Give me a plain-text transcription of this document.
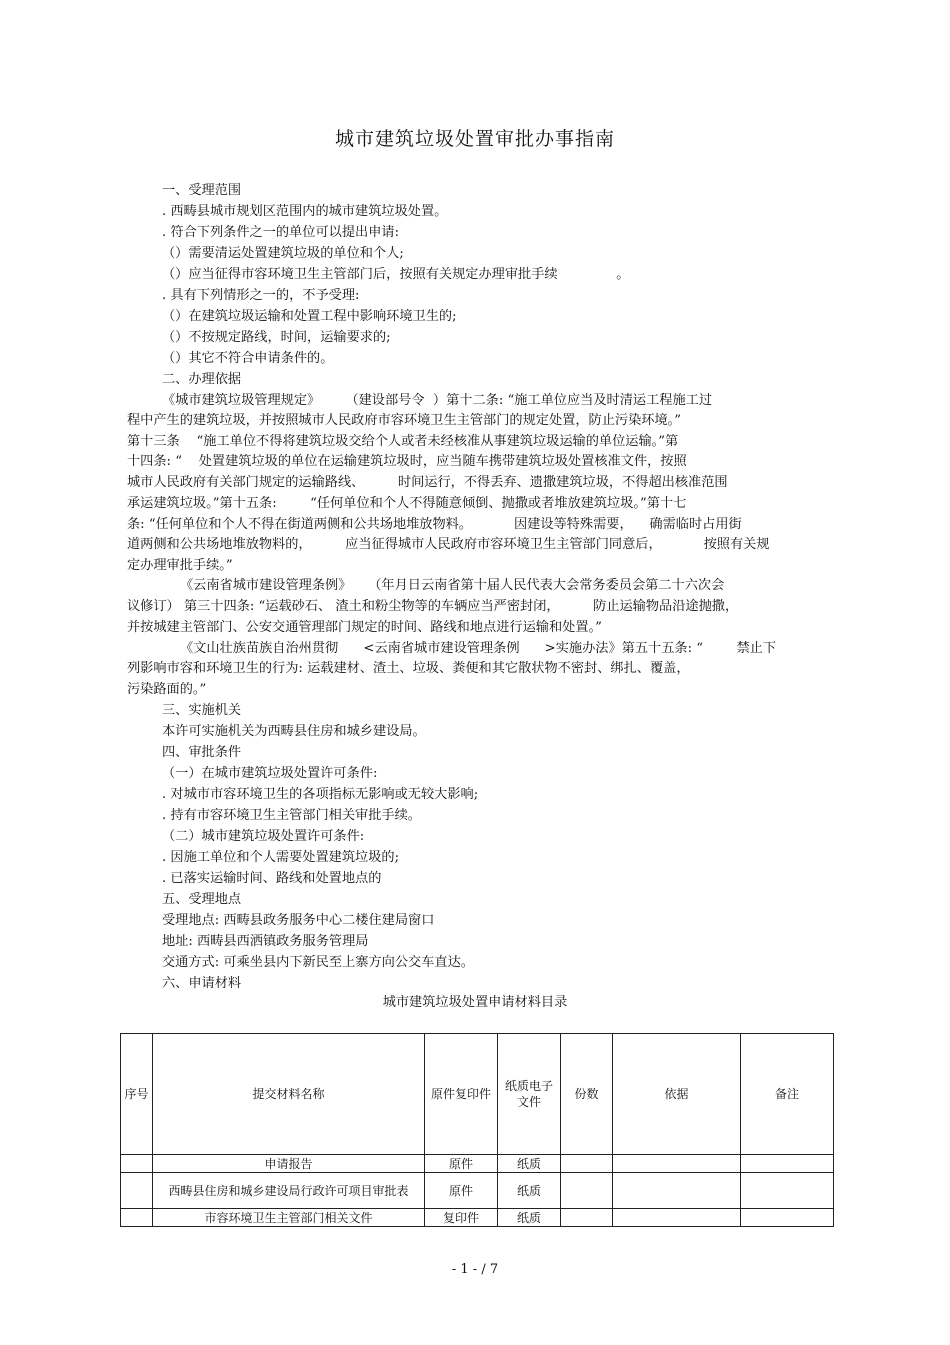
城市建筑垃圾处置审批办事指南
一、受理范围
. 西畴县城市规划区范围内的城市建筑垃圾处置。
. 符合下列条件之一的单位可以提出申请:
（）需要清运处置建筑垃圾的单位和个人;
（）应当征得市容环境卫生主管部门后，按照有关规定办理审批手续              。
. 具有下列情形之一的，不予受理:
（）在建筑垃圾运输和处置工程中影响环境卫生的;
（）不按规定路线，时间，运输要求的;
（）其它不符合申请条件的。
二、办理依据
《城市建筑垃圾管理规定》      （建设部号令  ）第十二条: “施工单位应当及时清运工程施工过
程中产生的建筑垃圾，并按照城市人民政府市容环境卫生主管部门的规定处置，防止污染环境。”
第十三条    “施工单位不得将建筑垃圾交给个人或者未经核准从事建筑垃圾运输的单位运输。”第
十四条: “    处置建筑垃圾的单位在运输建筑垃圾时，应当随车携带建筑垃圾处置核准文件，按照
城市人民政府有关部门规定的运输路线、        时间运行，不得丢弃、遗撒建筑垃圾，不得超出核准范围
承运建筑垃圾。”第十五条:        “任何单位和个人不得随意倾倒、抛撒或者堆放建筑垃圾。”第十七
条: “任何单位和个人不得在街道两侧和公共场地堆放物料。          因建设等特殊需要，    确需临时占用街
道两侧和公共场地堆放物料的，        应当征得城市人民政府市容环境卫生主管部门同意后，          按照有关规
定办理审批手续。”
《云南省城市建设管理条例》    （年月日云南省第十届人民代表大会常务委员会第二十六次会
议修订） 第三十四条: “运载砂石、 渣土和粉尘物等的车辆应当严密封闭，        防止运输物品沿途抛撒，
并按城建主管部门、公安交通管理部门规定的时间、路线和地点进行运输和处置。”
《文山壮族苗族自治州贯彻      <云南省城市建设管理条例      >实施办法》第五十五条: “        禁止下
列影响市容和环境卫生的行为: 运载建材、渣土、垃圾、粪便和其它散状物不密封、绑扎、覆盖，
污染路面的。”
三、实施机关
本许可实施机关为西畴县住房和城乡建设局。
四、审批条件
（一）在城市建筑垃圾处置许可条件:
. 对城市市容环境卫生的各项指标无影响或无较大影响;
. 持有市容环境卫生主管部门相关审批手续。
（二）城市建筑垃圾处置许可条件:
. 因施工单位和个人需要处置建筑垃圾的;
. 已落实运输时间、路线和处置地点的
五、受理地点
受理地点: 西畴县政务服务中心二楼住建局窗口
地址: 西畴县西洒镇政务服务管理局
交通方式: 可乘坐县内下新民至上寨方向公交车直达。
六、申请材料
城市建筑垃圾处置申请材料目录
序号	提交材料名称	原件复印件	纸质电子文件	份数	依据	备注
	申请报告	原件	纸质			
	西畴县住房和城乡建设局行政许可项目审批表	原件	纸质			
	市容环境卫生主管部门相关文件	复印件	纸质			
- 1 - / 7
